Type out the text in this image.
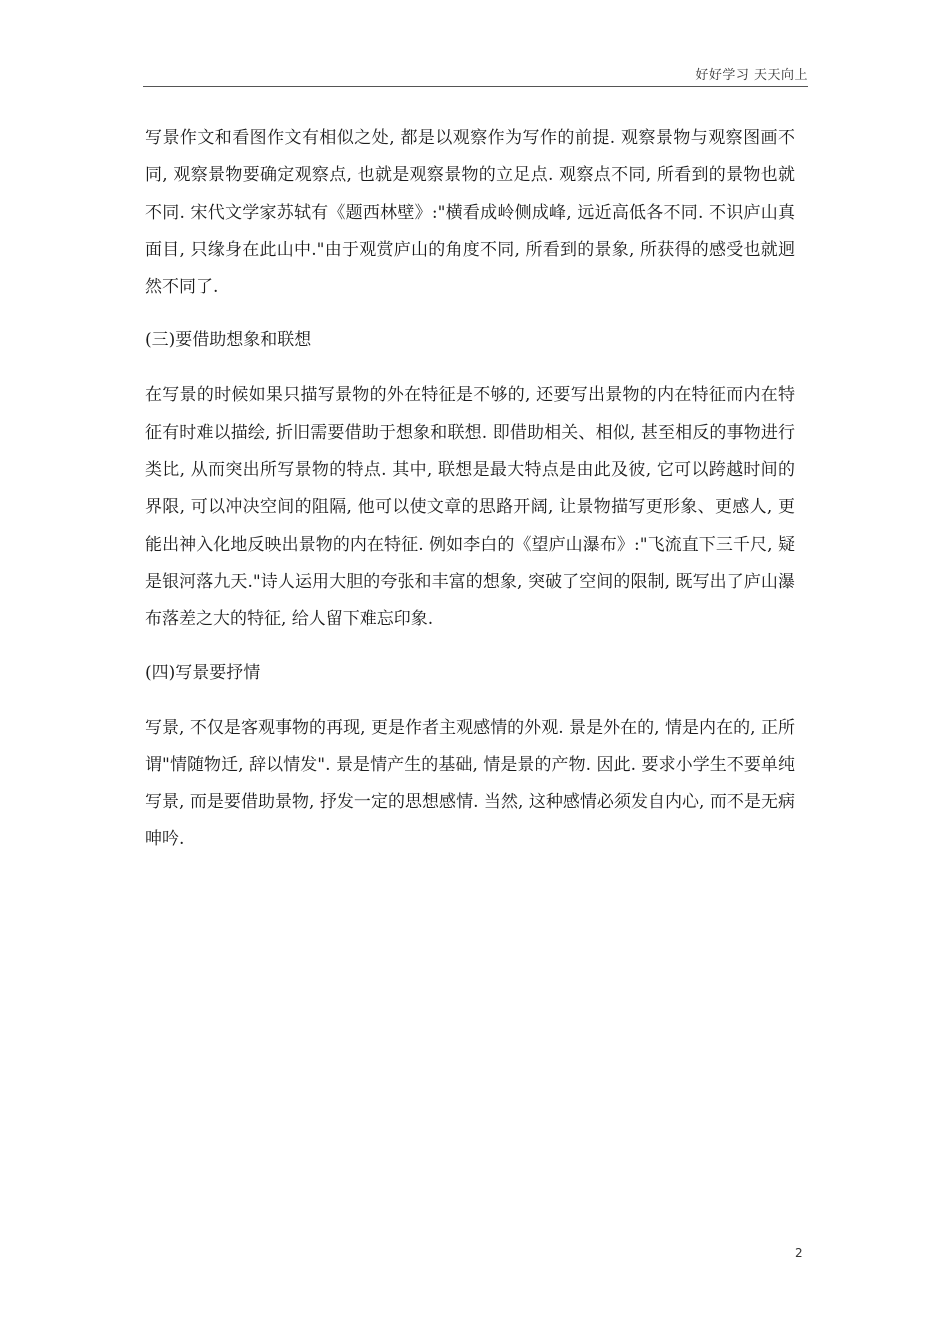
好好学习 天天向上

写景作文和看图作文有相似之处, 都是以观察作为写作的前提. 观察景物与观察图画不同, 观察景物要确定观察点, 也就是观察景物的立足点. 观察点不同, 所看到的景物也就不同. 宋代文学家苏轼有《题西林壁》:"横看成岭侧成峰, 远近高低各不同. 不识庐山真面目, 只缘身在此山中."由于观赏庐山的角度不同, 所看到的景象, 所获得的感受也就迥然不同了.

(三)要借助想象和联想

在写景的时候如果只描写景物的外在特征是不够的, 还要写出景物的内在特征而内在特征有时难以描绘, 折旧需要借助于想象和联想. 即借助相关、相似, 甚至相反的事物进行类比, 从而突出所写景物的特点. 其中, 联想是最大特点是由此及彼, 它可以跨越时间的界限, 可以冲决空间的阻隔, 他可以使文章的思路开阔, 让景物描写更形象、更感人, 更能出神入化地反映出景物的内在特征. 例如李白的《望庐山瀑布》:"飞流直下三千尺, 疑是银河落九天."诗人运用大胆的夸张和丰富的想象, 突破了空间的限制, 既写出了庐山瀑布落差之大的特征, 给人留下难忘印象.

(四)写景要抒情

写景, 不仅是客观事物的再现, 更是作者主观感情的外观. 景是外在的, 情是内在的, 正所谓"情随物迁, 辞以情发". 景是情产生的基础, 情是景的产物. 因此. 要求小学生不要单纯写景, 而是要借助景物, 抒发一定的思想感情. 当然, 这种感情必须发自内心, 而不是无病呻吟.

2
